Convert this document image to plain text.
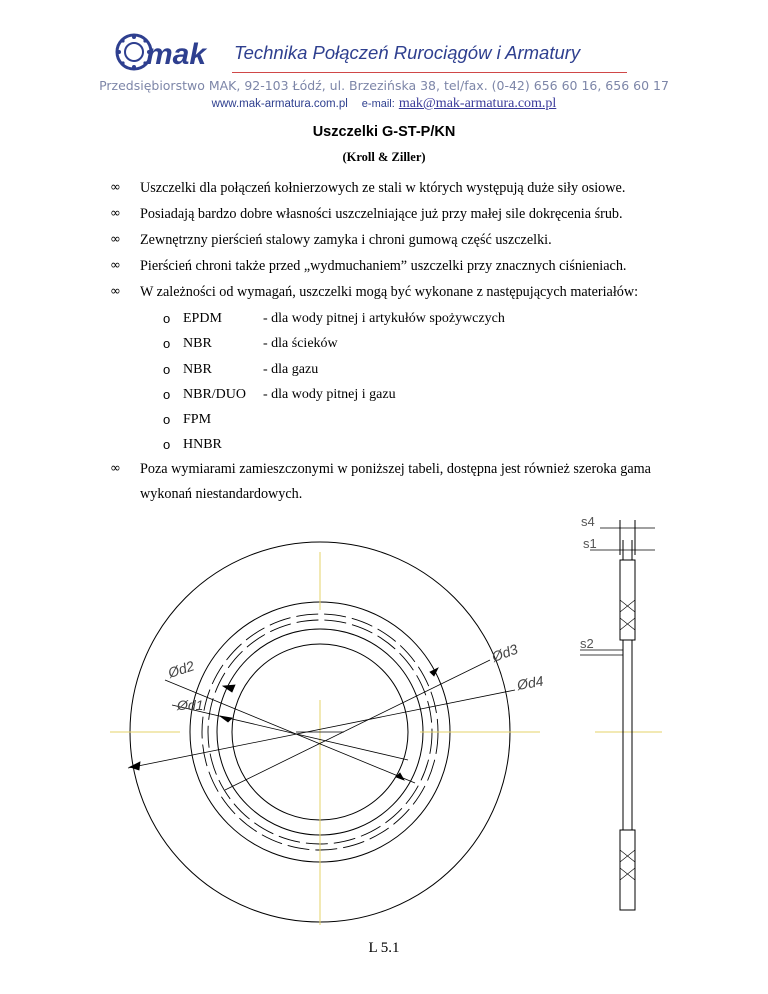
mak Technika Połączeń Rurociągów i Armatury
Przedsiębiorstwo MAK, 92-103 Łódź, ul. Brzezińska 38, tel/fax. (0-42) 656 60 16, 656 60 17
www.mak-armatura.com.pl e-mail: mak@mak-armatura.com.pl
Uszczelki G-ST-P/KN
(Kroll & Ziller)
∞ Uszczelki dla połączeń kołnierzowych ze stali w których występują duże siły osiowe.
∞ Posiadają bardzo dobre własności uszczelniające już przy małej sile dokręcenia śrub.
∞ Zewnętrzny pierścień stalowy zamyka i chroni gumową część uszczelki.
∞ Pierścień chroni także przed „wydmuchaniem” uszczelki przy znacznych ciśnieniach.
∞ W zależności od wymagań, uszczelki mogą być wykonane z następujących materiałów:
o EPDM	- dla wody pitnej i artykułów spożywczych
o NBR	- dla ścieków
o NBR	- dla gazu
o NBR/DUO - dla wody pitnej i gazu
o FPM
o HNBR
∞ Poza wymiarami zamieszczonymi w poniższej tabeli, dostępna jest również szeroka gama
wykonań niestandardowych.
Ød2
Ød1
Ød3
Ød4
s4
s1
s2
L 5.1
